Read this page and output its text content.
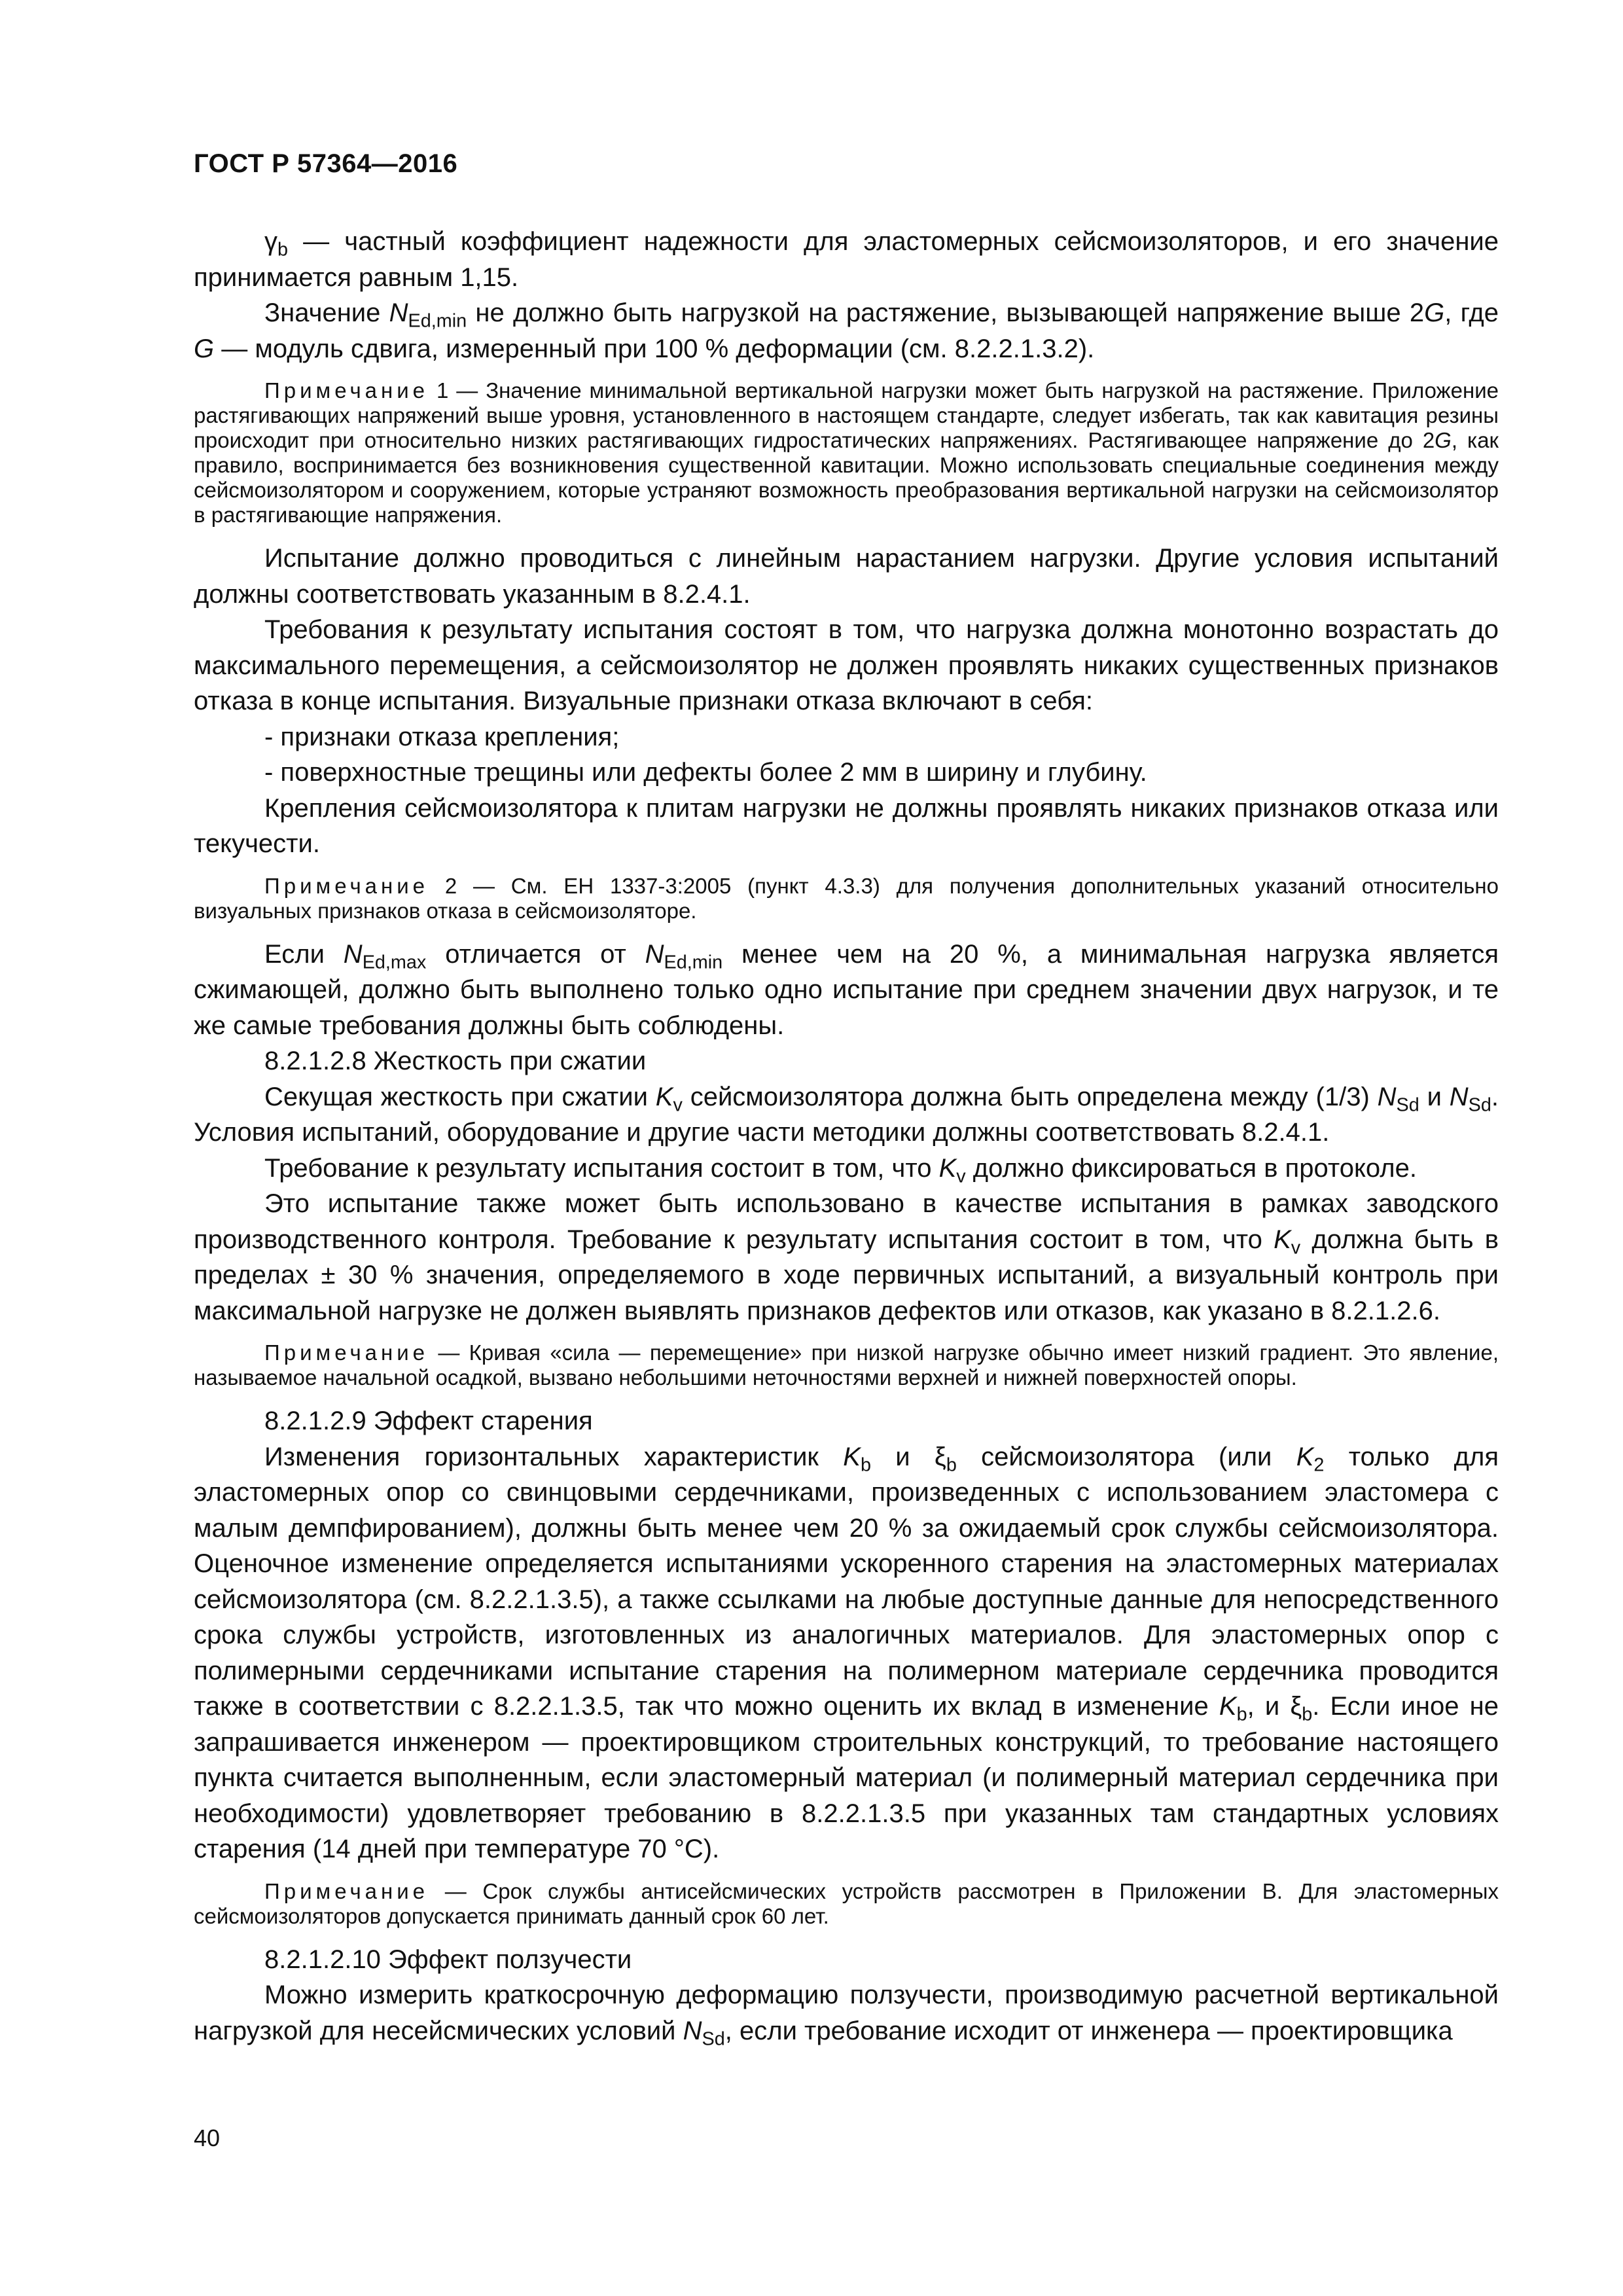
ГОСТ Р 57364—2016

$\gamma_b$ — частный коэффициент надежности для эластомерных сейсмоизоляторов, и его значение принимается равным 1,15.

Значение $N_{Ed,min}$ не должно быть нагрузкой на растяжение, вызывающей напряжение выше 2G, где G — модуль сдвига, измеренный при 100 % деформации (см. 8.2.2.1.3.2).

Примечание 1 — Значение минимальной вертикальной нагрузки может быть нагрузкой на растяжение. Приложение растягивающих напряжений выше уровня, установленного в настоящем стандарте, следует избегать, так как кавитация резины происходит при относительно низких растягивающих гидростатических напряжениях. Растягивающее напряжение до 2G, как правило, воспринимается без возникновения существенной кавитации. Можно использовать специальные соединения между сейсмоизолятором и сооружением, которые устраняют возможность преобразования вертикальной нагрузки на сейсмоизолятор в растягивающие напряжения.

Испытание должно проводиться с линейным нарастанием нагрузки. Другие условия испытаний должны соответствовать указанным в 8.2.4.1.

Требования к результату испытания состоят в том, что нагрузка должна монотонно возрастать до максимального перемещения, а сейсмоизолятор не должен проявлять никаких существенных признаков отказа в конце испытания. Визуальные признаки отказа включают в себя:

- признаки отказа крепления;

- поверхностные трещины или дефекты более 2 мм в ширину и глубину.

Крепления сейсмоизолятора к плитам нагрузки не должны проявлять никаких признаков отказа или текучести.

Примечание 2 — См. ЕН 1337-3:2005 (пункт 4.3.3) для получения дополнительных указаний относительно визуальных признаков отказа в сейсмоизоляторе.

Если $N_{Ed,max}$ отличается от $N_{Ed,min}$ менее чем на 20 %, а минимальная нагрузка является сжимающей, должно быть выполнено только одно испытание при среднем значении двух нагрузок, и те же самые требования должны быть соблюдены.

8.2.1.2.8 Жесткость при сжатии

Секущая жесткость при сжатии $K_v$ сейсмоизолятора должна быть определена между (1/3) $N_{Sd}$ и $N_{Sd}$. Условия испытаний, оборудование и другие части методики должны соответствовать 8.2.4.1.

Требование к результату испытания состоит в том, что $K_v$ должно фиксироваться в протоколе.

Это испытание также может быть использовано в качестве испытания в рамках заводского производственного контроля. Требование к результату испытания состоит в том, что $K_v$ должна быть в пределах ± 30 % значения, определяемого в ходе первичных испытаний, а визуальный контроль при максимальной нагрузке не должен выявлять признаков дефектов или отказов, как указано в 8.2.1.2.6.

Примечание — Кривая «сила — перемещение» при низкой нагрузке обычно имеет низкий градиент. Это явление, называемое начальной осадкой, вызвано небольшими неточностями верхней и нижней поверхностей опоры.

8.2.1.2.9 Эффект старения

Изменения горизонтальных характеристик $K_b$ и $\xi_b$ сейсмоизолятора (или $K_2$ только для эластомерных опор со свинцовыми сердечниками, произведенных с использованием эластомера с малым демпфированием), должны быть менее чем 20 % за ожидаемый срок службы сейсмоизолятора. Оценочное изменение определяется испытаниями ускоренного старения на эластомерных материалах сейсмоизолятора (см. 8.2.2.1.3.5), а также ссылками на любые доступные данные для непосредственного срока службы устройств, изготовленных из аналогичных материалов. Для эластомерных опор с полимерными сердечниками испытание старения на полимерном материале сердечника проводится также в соответствии с 8.2.2.1.3.5, так что можно оценить их вклад в изменение $K_b$, и $\xi_b$. Если иное не запрашивается инженером — проектировщиком строительных конструкций, то требование настоящего пункта считается выполненным, если эластомерный материал (и полимерный материал сердечника при необходимости) удовлетворяет требованию в 8.2.2.1.3.5 при указанных там стандартных условиях старения (14 дней при температуре 70 °C).

Примечание — Срок службы антисейсмических устройств рассмотрен в Приложении В. Для эластомерных сейсмоизоляторов допускается принимать данный срок 60 лет.

8.2.1.2.10 Эффект ползучести

Можно измерить краткосрочную деформацию ползучести, производимую расчетной вертикальной нагрузкой для несейсмических условий $N_{Sd}$, если требование исходит от инженера — проектировщика

40
